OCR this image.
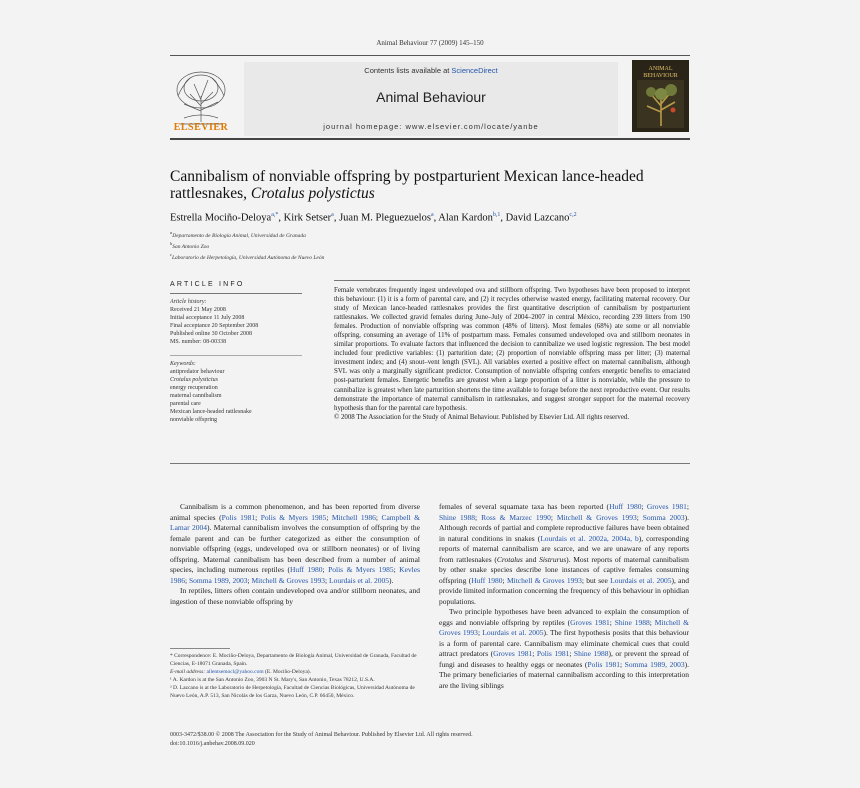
Animal Behaviour 77 (2009) 145–150
ELSEVIER
Contents lists available at ScienceDirect
Animal Behaviour
journal homepage: www.elsevier.com/locate/yanbe
ANIMAL BEHAVIOUR
Cannibalism of nonviable offspring by postparturient Mexican lance-headed rattlesnakes, Crotalus polystictus
Estrella Mociño-Deloya$^{a,*}$, Kirk Setser$^a$, Juan M. Pleguezuelos$^a$, Alan Kardon$^{b,1}$, David Lazcano$^{c,2}$
$^a$Departamento de Biología Animal, Universidad de Granada
$^b$San Antonio Zoo
$^c$Laboratorio de Herpetología, Universidad Autónoma de Nuevo León
ARTICLE INFO
Article history:
Received 21 May 2008
Initial acceptance 11 July 2008
Final acceptance 20 September 2008
Published online 30 October 2008
MS. number: 08-00338
Keywords:
antipredator behaviour
Crotalus polystictus
energy recuperation
maternal cannibalism
parental care
Mexican lance-headed rattlesnake
nonviable offspring
Female vertebrates frequently ingest undeveloped ova and stillborn offspring. Two hypotheses have been proposed to interpret this behaviour: (1) it is a form of parental care, and (2) it recycles otherwise wasted energy, facilitating maternal recovery. Our study of Mexican lance-headed rattlesnakes provides the first quantitative description of cannibalism by postparturient rattlesnakes. We collected gravid females during June–July of 2004–2007 in central México, recording 239 litters from 190 females. Production of nonviable offspring was common (48% of litters). Most females (68%) ate some or all nonviable offspring, consuming an average of 11% of postpartum mass. Females consumed undeveloped ova and stillborn neonates in similar proportions. To evaluate factors that influenced the decision to cannibalize we used logistic regression. The best model included four predictive variables: (1) parturition date; (2) proportion of nonviable offspring mass per litter; (3) maternal investment index; and (4) snout–vent length (SVL). All variables exerted a positive effect on maternal cannibalism, although SVL was only a marginally significant predictor. Consumption of nonviable offspring confers energetic benefits to emaciated post-parturient females. Energetic benefits are greatest when a large proportion of a litter is nonviable, while the pressure to cannibalize is greatest when late parturition shortens the time available to forage before the next reproductive event. Our results demonstrate the importance of maternal cannibalism in rattlesnakes, and suggest stronger support for the maternal recovery hypothesis than for the parental care hypothesis.
© 2008 The Association for the Study of Animal Behaviour. Published by Elsevier Ltd. All rights reserved.

Cannibalism is a common phenomenon, and has been reported from diverse animal species (Polis 1981; Polis & Myers 1985; Mitchell 1986; Campbell & Lamar 2004). Maternal cannibalism involves the consumption of offspring by the female parent and can be further categorized as either the consumption of nonviable offspring (eggs, undeveloped ova or stillborn neonates) or of living offspring. Maternal cannibalism has been described from a number of animal species, including numerous reptiles (Huff 1980; Polis & Myers 1985; Kevles 1986; Somma 1989, 2003; Mitchell & Groves 1993; Lourdais et al. 2005).

In reptiles, litters often contain undeveloped ova and/or stillborn neonates, and ingestion of these nonviable offspring by

females of several squamate taxa has been reported (Huff 1980; Groves 1981; Shine 1988; Ross & Marzec 1990; Mitchell & Groves 1993; Somma 2003). Although records of partial and complete reproductive failures have been obtained in natural conditions in snakes (Lourdais et al. 2002a, 2004a, b), corresponding reports of maternal cannibalism are scarce, and we are unaware of any reports from rattlesnakes (Crotalus and Sistrurus). Most reports of maternal cannibalism by other snake species describe lone instances of captive females consuming offspring (Huff 1980; Mitchell & Groves 1993; but see Lourdais et al. 2005), and provide limited information concerning the frequency of this behaviour in ophidian populations.

Two principle hypotheses have been advanced to explain the consumption of eggs and nonviable offspring by reptiles (Groves 1981; Shine 1988; Mitchell & Groves 1993; Lourdais et al. 2005). The first hypothesis posits that this behaviour is a form of parental care. Cannibalism may eliminate chemical cues that could attract predators (Groves 1981; Polis 1981; Shine 1988), or prevent the spread of fungi and diseases to healthy eggs or neonates (Polis 1981; Somma 1989, 2003). The primary beneficiaries of maternal cannibalism according to this interpretation are the living siblings

* Correspondence: E. Mociño-Deloya, Departamento de Biología Animal, Universidad de Granada, Facultad de Ciencias, E-18071 Granada, Spain.
E-mail address: allentsemocl@yahoo.com (E. Mociño-Deloya).
¹ A. Kardon is at the San Antonio Zoo, 3903 N St. Mary's, San Antonio, Texas 78212, U.S.A.
² D. Lazcano is at the Laboratorio de Herpetología, Facultad de Ciencias Biológicas, Universidad Autónoma de Nuevo León, A.P. 513, San Nicolás de los Garza, Nuevo León, C.P. 66450, México.
0003-3472/$38.00 © 2008 The Association for the Study of Animal Behaviour. Published by Elsevier Ltd. All rights reserved.
doi:10.1016/j.anbehav.2008.09.020
